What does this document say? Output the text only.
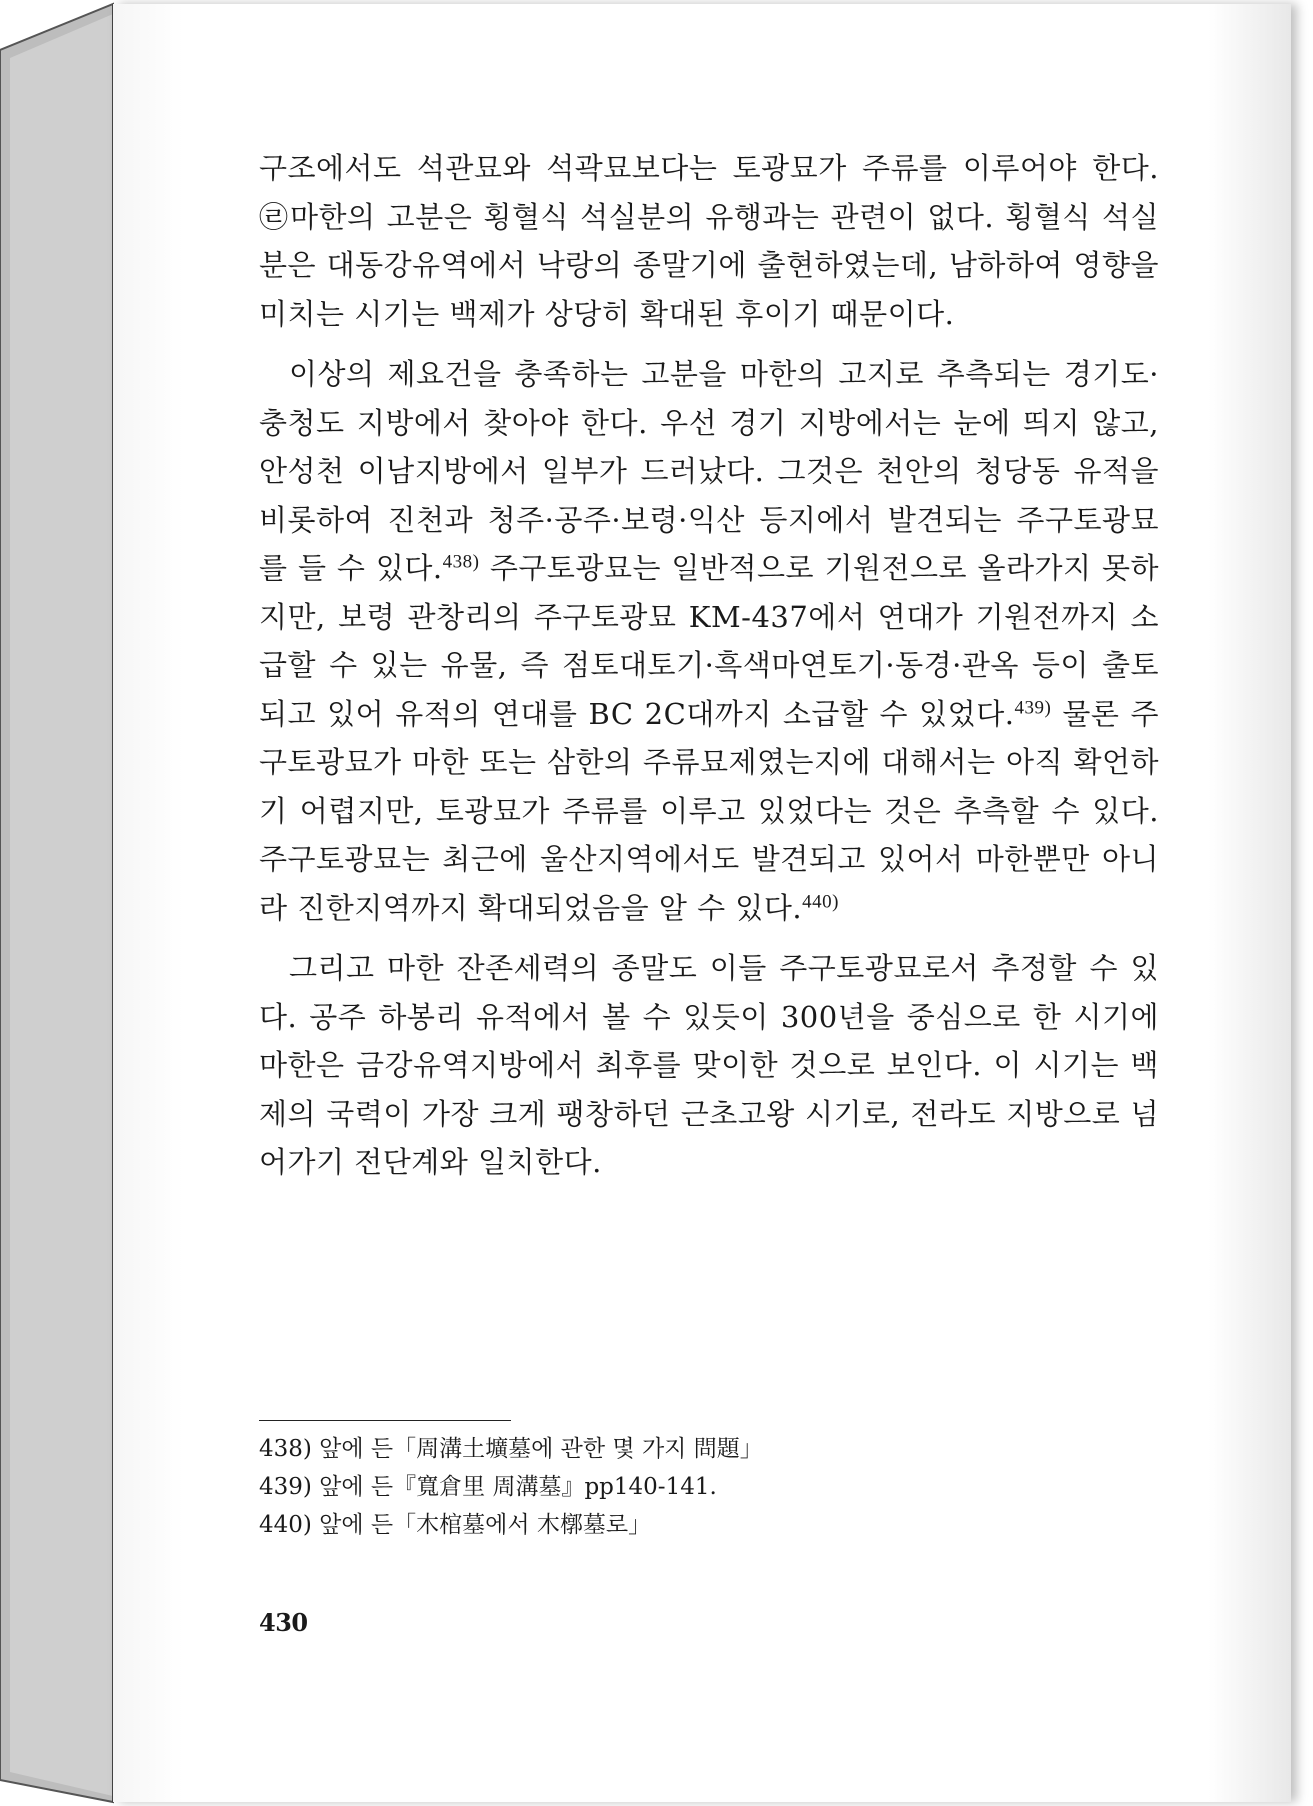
구조에서도 석관묘와 석곽묘보다는 토광묘가 주류를 이루어야 한다. ㉣마한의 고분은 횡혈식 석실분의 유행과는 관련이 없다. 횡혈식 석실분은 대동강유역에서 낙랑의 종말기에 출현하였는데, 남하하여 영향을 미치는 시기는 백제가 상당히 확대된 후이기 때문이다.

이상의 제요건을 충족하는 고분을 마한의 고지로 추측되는 경기도·충청도 지방에서 찾아야 한다. 우선 경기 지방에서는 눈에 띄지 않고, 안성천 이남지방에서 일부가 드러났다. 그것은 천안의 청당동 유적을 비롯하여 진천과 청주·공주·보령·익산 등지에서 발견되는 주구토광묘를 들 수 있다.$^{438)}$ 주구토광묘는 일반적으로 기원전으로 올라가지 못하지만, 보령 관창리의 주구토광묘 KM-437에서 연대가 기원전까지 소급할 수 있는 유물, 즉 점토대토기·흑색마연토기·동경·관옥 등이 출토되고 있어 유적의 연대를 BC 2C대까지 소급할 수 있었다.$^{439)}$ 물론 주구토광묘가 마한 또는 삼한의 주류묘제였는지에 대해서는 아직 확언하기 어렵지만, 토광묘가 주류를 이루고 있었다는 것은 추측할 수 있다. 주구토광묘는 최근에 울산지역에서도 발견되고 있어서 마한뿐만 아니라 진한지역까지 확대되었음을 알 수 있다.$^{440)}$

그리고 마한 잔존세력의 종말도 이들 주구토광묘로서 추정할 수 있다. 공주 하봉리 유적에서 볼 수 있듯이 300년을 중심으로 한 시기에 마한은 금강유역지방에서 최후를 맞이한 것으로 보인다. 이 시기는 백제의 국력이 가장 크게 팽창하던 근초고왕 시기로, 전라도 지방으로 넘어가기 전단계와 일치한다.

438) 앞에 든「周溝土壙墓에 관한 몇 가지 問題」

439) 앞에 든『寬倉里 周溝墓』pp140-141.

440) 앞에 든「木棺墓에서 木槨墓로」

430
